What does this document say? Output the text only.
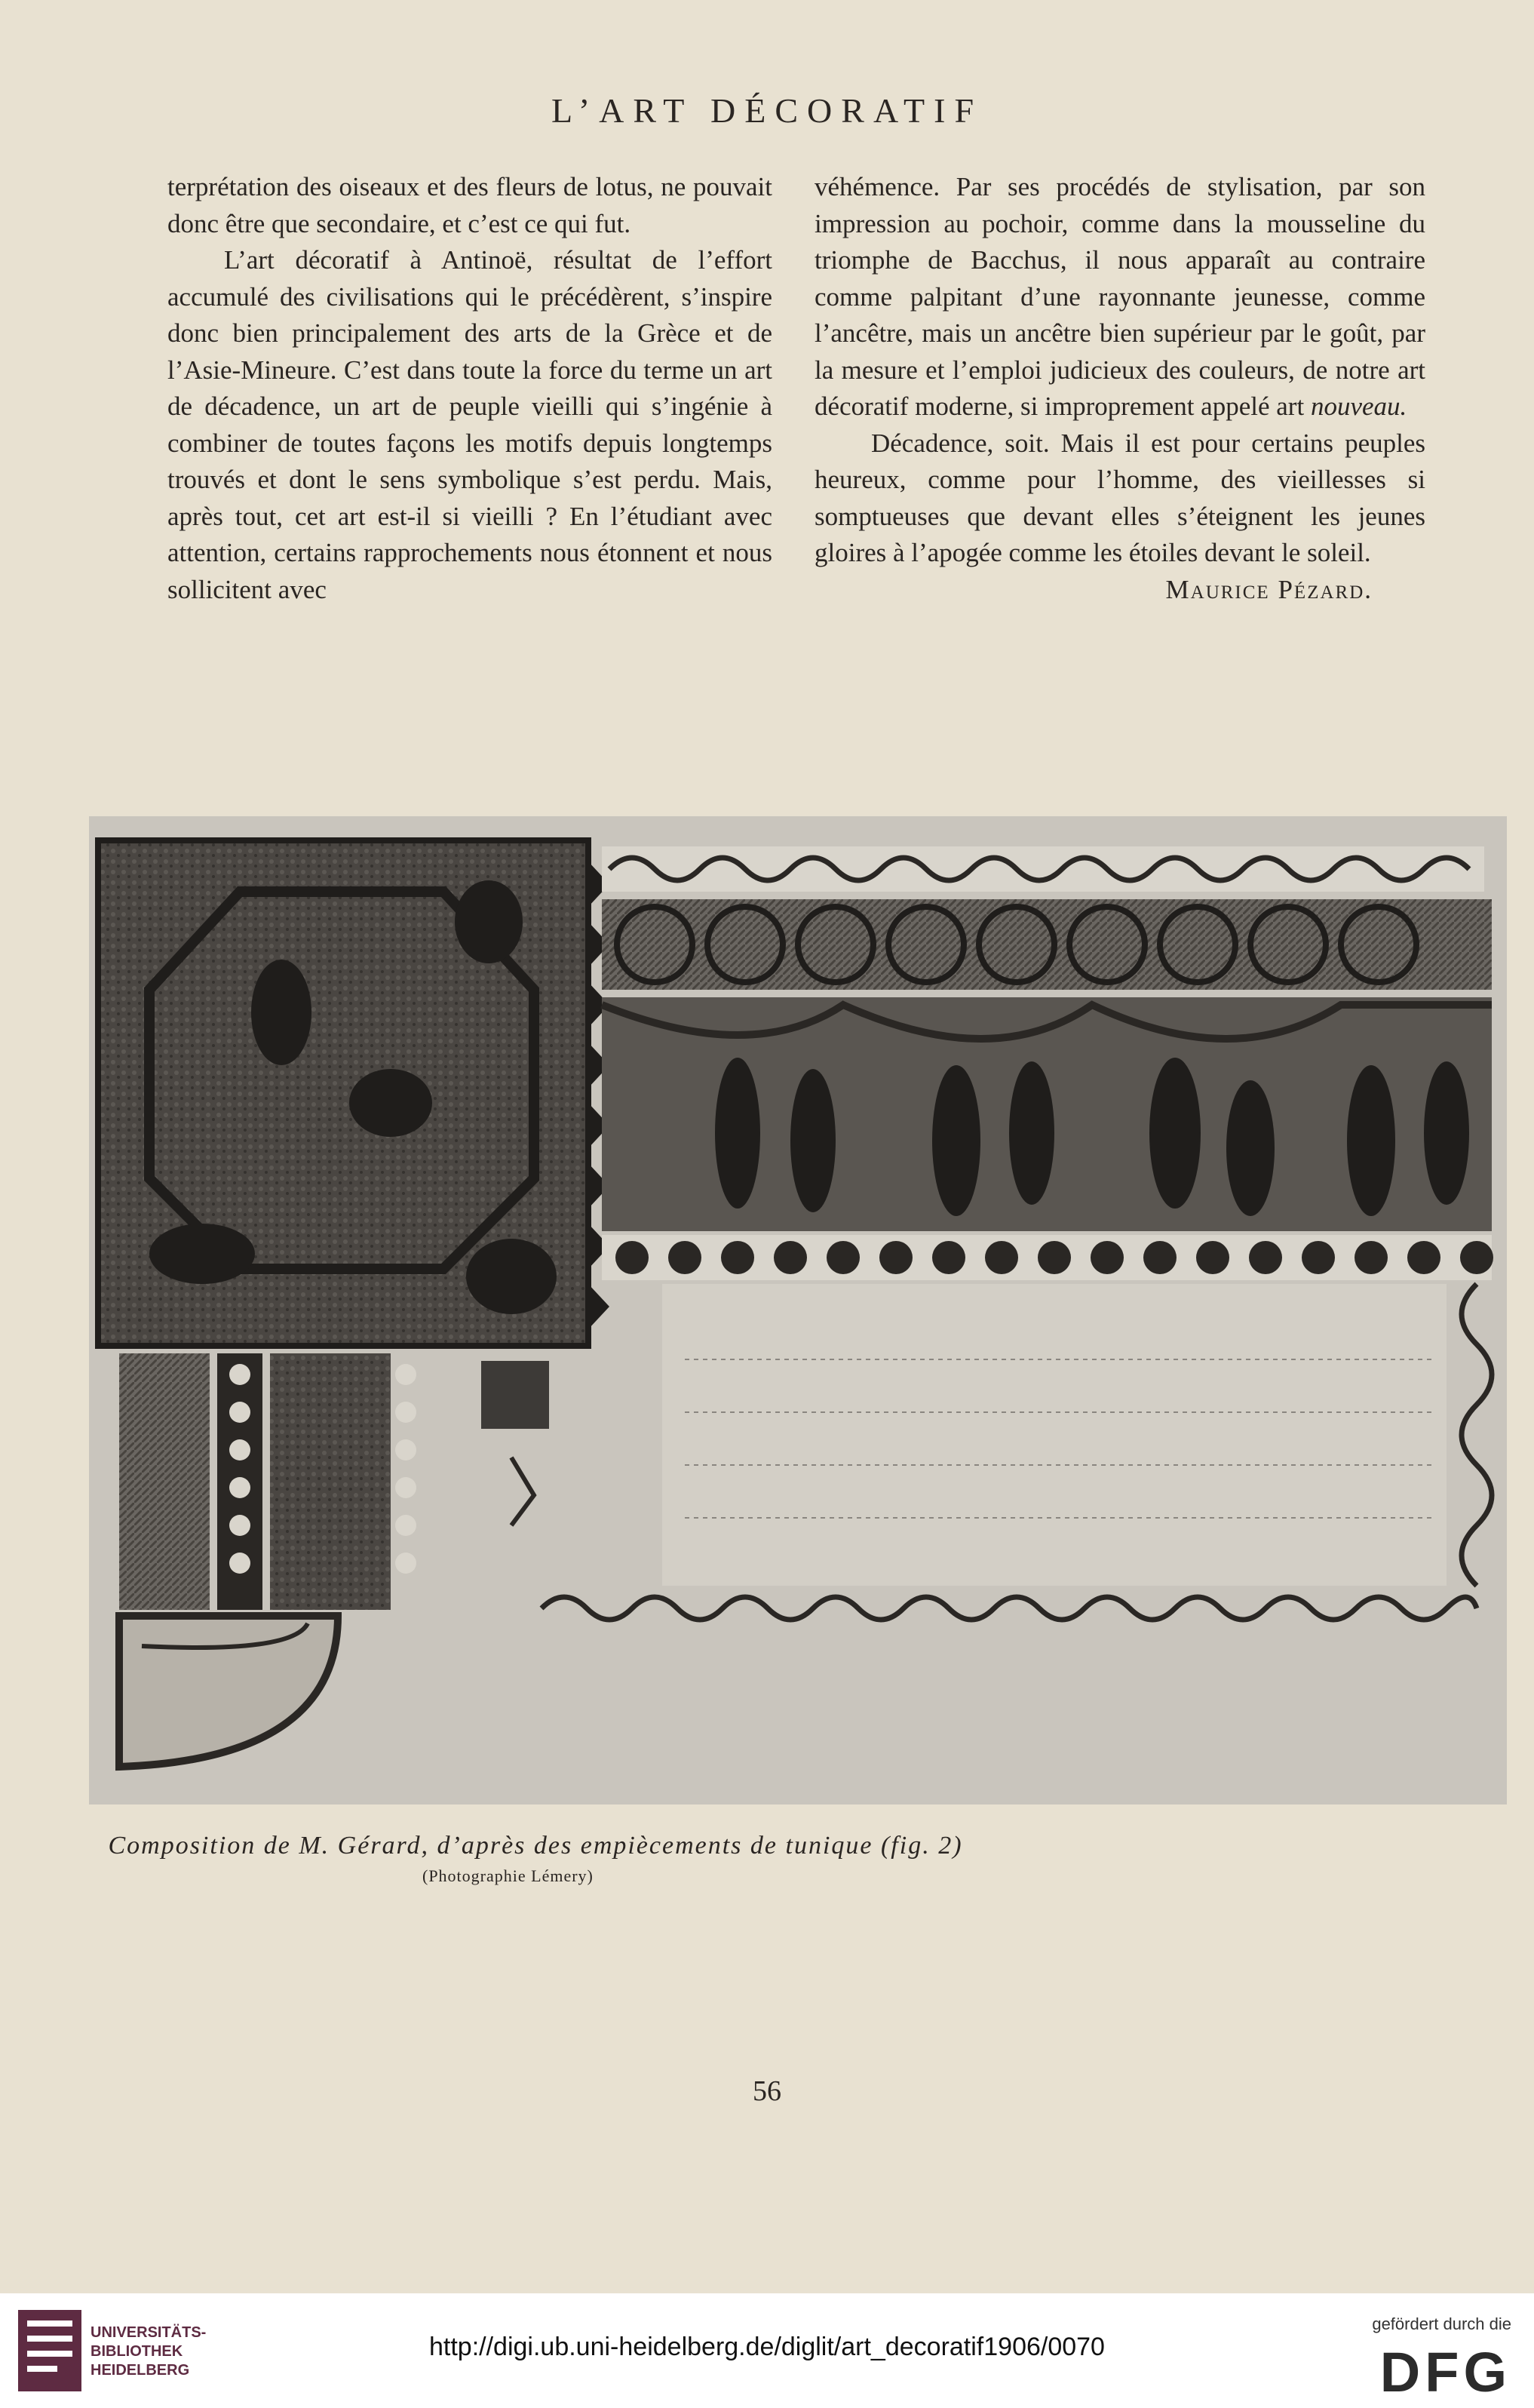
L’ART DÉCORATIF

terprétation des oiseaux et des fleurs de lotus, ne pouvait donc être que secondaire, et c’est ce qui fut.

L’art décoratif à Antinoë, résultat de l’effort accumulé des civilisations qui le précédèrent, s’inspire donc bien principalement des arts de la Grèce et de l’Asie-Mineure. C’est dans toute la force du terme un art de décadence, un art de peuple vieilli qui s’ingénie à combiner de toutes façons les motifs depuis longtemps trouvés et dont le sens symbolique s’est perdu. Mais, après tout, cet art est-il si vieilli ? En l’étudiant avec attention, certains rapprochements nous étonnent et nous sollicitent avec

véhémence. Par ses procédés de stylisation, par son impression au pochoir, comme dans la mousseline du triomphe de Bacchus, il nous apparaît au contraire comme palpitant d’une rayonnante jeunesse, comme l’ancêtre, mais un ancêtre bien supérieur par le goût, par la mesure et l’emploi judicieux des couleurs, de notre art décoratif moderne, si improprement appelé art nouveau.

Décadence, soit. Mais il est pour certains peuples heureux, comme pour l’homme, des vieillesses si somptueuses que devant elles s’éteignent les jeunes gloires à l’apogée comme les étoiles devant le soleil.

Maurice Pézard.

Composition de M. Gérard, d’après des empiècements de tunique (fig. 2)
(Photographie Lémery)
56
UNIVERSITÄTS-
BIBLIOTHEK
HEIDELBERG
http://digi.ub.uni-heidelberg.de/diglit/art_decoratif1906/0070
gefördert durch die
DFG
